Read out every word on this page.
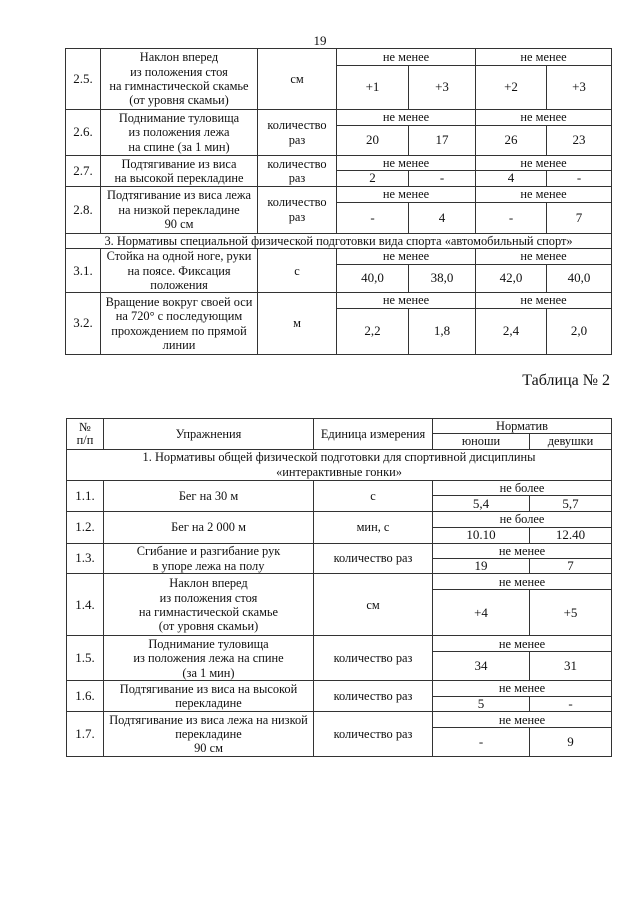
19
2.5.	Наклон вперед
из положения стоя
на гимнастической скамье
(от уровня скамьи)	см	не менее		не менее	
			+1	+3	+2	+3
2.6.	Поднимание туловища
из положения лежа
на спине (за 1 мин)	количество
раз	не менее		не менее	
			20	17	26	23
2.7.	Подтягивание из виса
на высокой перекладине	количество
раз	не менее		не менее	
			2	-	4	-
2.8.	Подтягивание из виса лежа
на низкой перекладине
90 см	количество
раз	не менее		не менее	
			-	4	-	7
3. Нормативы специальной физической подготовки вида спорта «автомобильный спорт»						
3.1.	Стойка на одной ноге, руки
на поясе. Фиксация
положения	с	не менее		не менее	
			40,0	38,0	42,0	40,0
3.2.	Вращение вокруг своей оси
на 720° с последующим
прохождением по прямой
линии	м	не менее		не менее	
			2,2	1,8	2,4	2,0
Таблица № 2
№
п/п	Упражнения	Единица измерения	Норматив	
			юноши	девушки
1. Нормативы общей физической подготовки для спортивной дисциплины
«интерактивные гонки»				
1.1.	Бег на 30 м	с	не более	
			5,4	5,7
1.2.	Бег на 2 000 м	мин, с	не более	
			10.10	12.40
1.3.	Сгибание и разгибание рук
в упоре лежа на полу	количество раз	не менее	
			19	7
1.4.	Наклон вперед
из положения стоя
на гимнастической скамье
(от уровня скамьи)	см	не менее	
			+4	+5
1.5.	Поднимание туловища
из положения лежа на спине
(за 1 мин)	количество раз	не менее	
			34	31
1.6.	Подтягивание из виса на высокой
перекладине	количество раз	не менее	
			5	-
1.7.	Подтягивание из виса лежа на низкой
перекладине
90 см	количество раз	не менее	
			-	9
